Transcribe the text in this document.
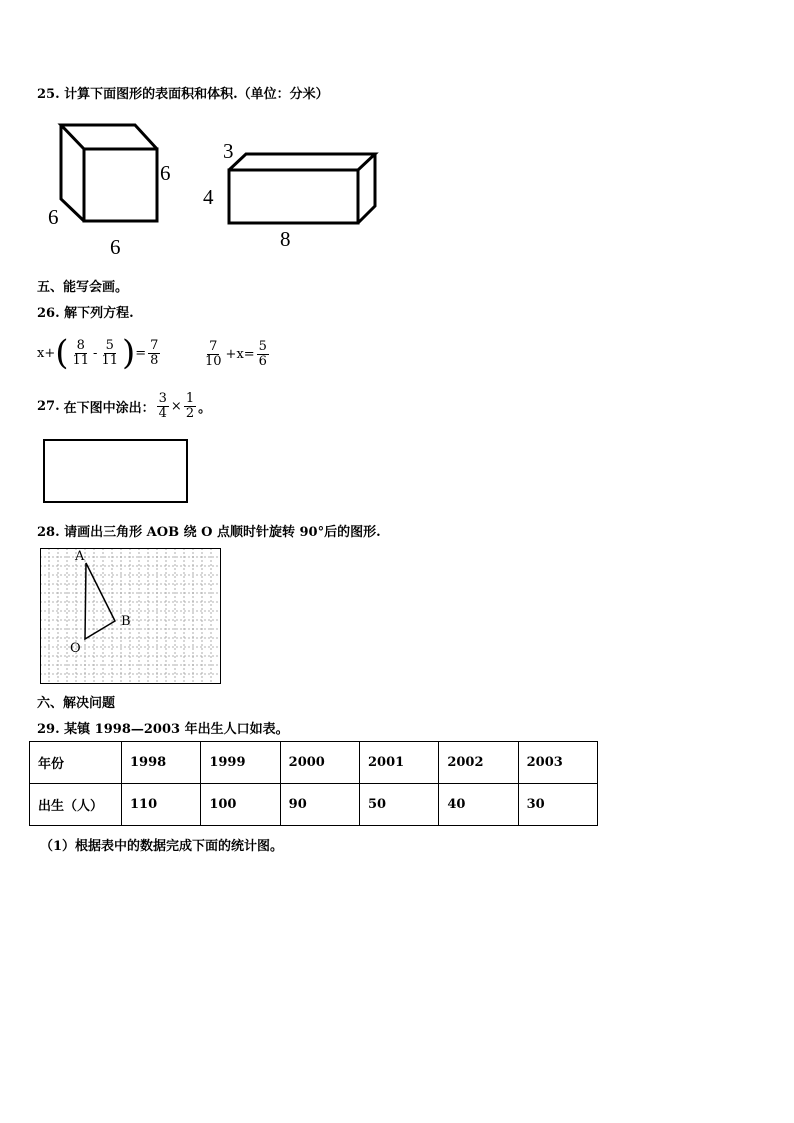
25. 计算下面图形的表面积和体积.（单位：分米）
6
6
6
3
4
8
五、能写会画。
26. 解下列方程.
x+ ( $\frac{8}{11} - \frac{5}{11}$ ) = $\frac{7}{8}$	$\frac{7}{10} +x= \frac{5}{6}$
27. 在下图中涂出： $\frac{3}{4} \times \frac{1}{2}$ 。
28. 请画出三角形 AOB 绕 O 点顺时针旋转 90°后的图形.
A
B
O
六、解决问题
29. 某镇 1998—2003 年出生人口如表。
年份	1998	1999	2000	2001	2002	2003
出生（人）	110	100	90	50	40	30
（1）根据表中的数据完成下面的统计图。
